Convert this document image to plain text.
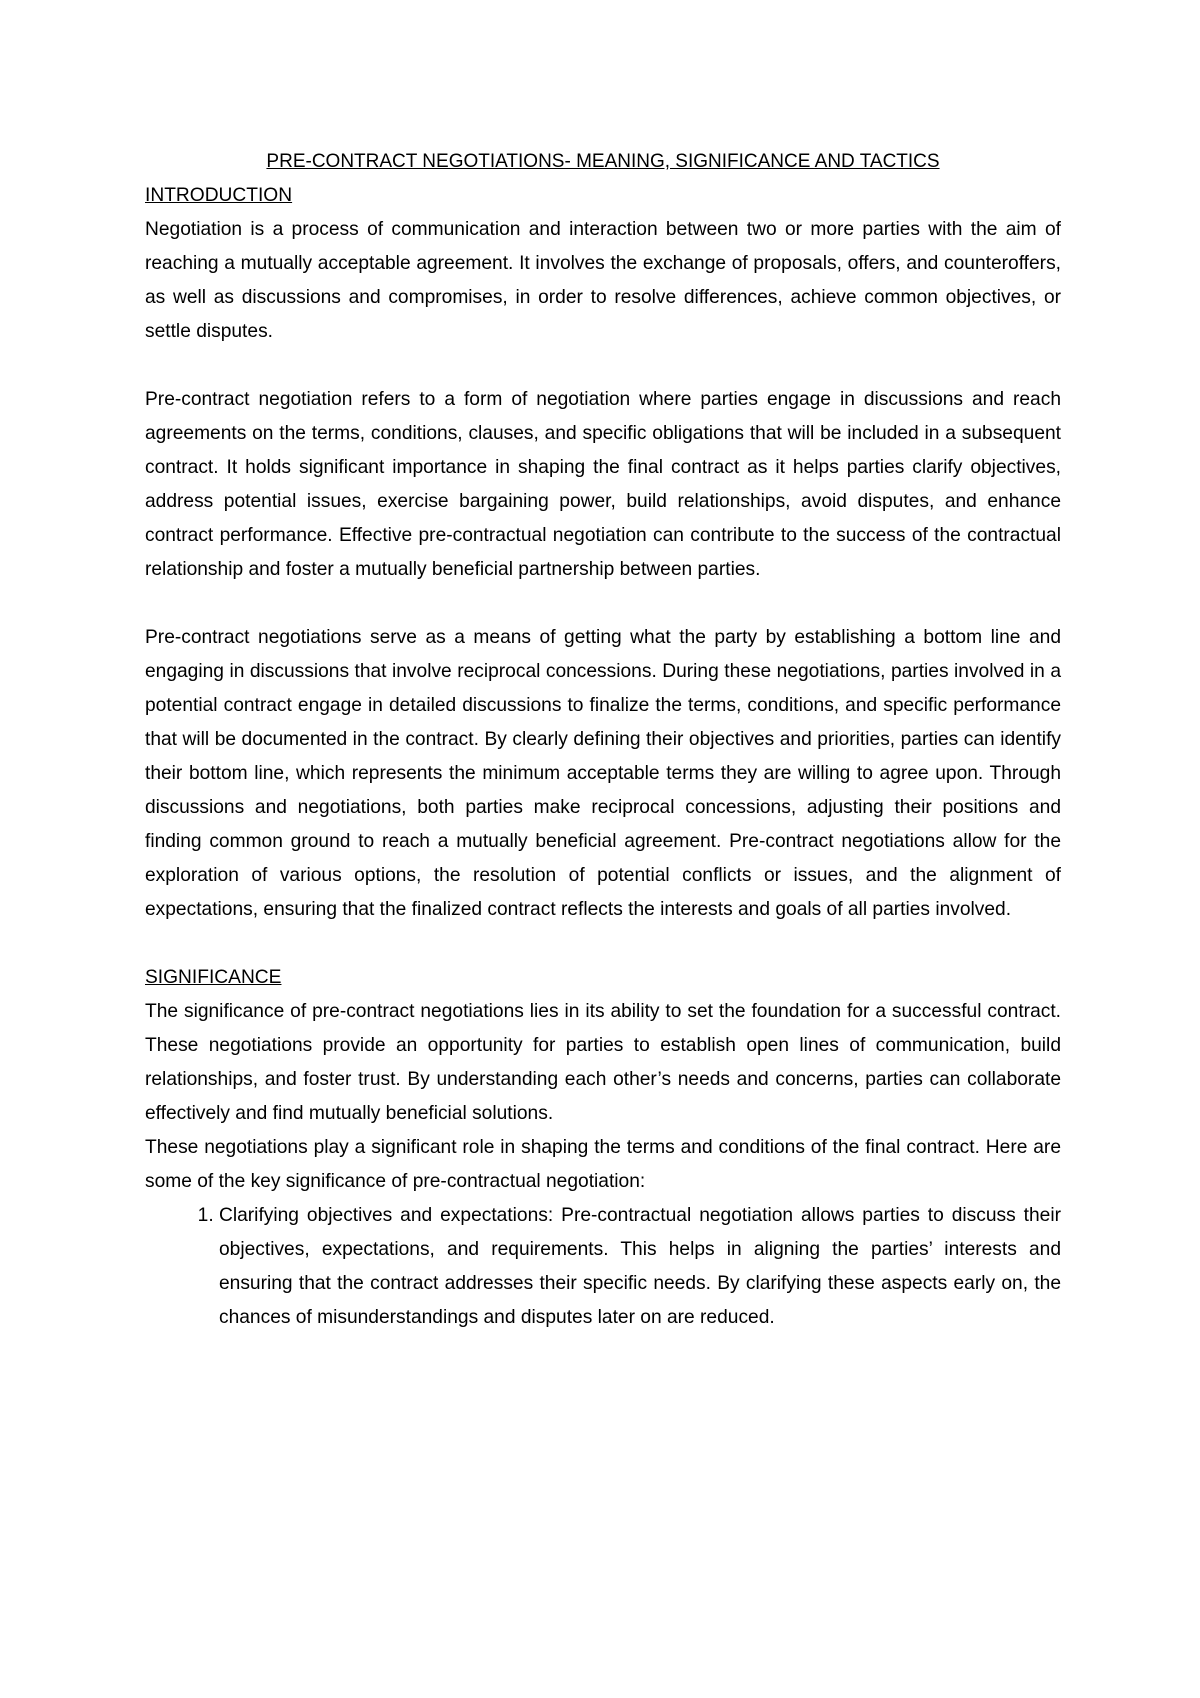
PRE-CONTRACT NEGOTIATIONS- MEANING, SIGNIFICANCE AND TACTICS
INTRODUCTION

Negotiation is a process of communication and interaction between two or more parties with the aim of reaching a mutually acceptable agreement. It involves the exchange of proposals, offers, and counteroffers, as well as discussions and compromises, in order to resolve differences, achieve common objectives, or settle disputes.

Pre-contract negotiation refers to a form of negotiation where parties engage in discussions and reach agreements on the terms, conditions, clauses, and specific obligations that will be included in a subsequent contract. It holds significant importance in shaping the final contract as it helps parties clarify objectives, address potential issues, exercise bargaining power, build relationships, avoid disputes, and enhance contract performance. Effective pre-contractual negotiation can contribute to the success of the contractual relationship and foster a mutually beneficial partnership between parties.

Pre-contract negotiations serve as a means of getting what the party by establishing a bottom line and engaging in discussions that involve reciprocal concessions. During these negotiations, parties involved in a potential contract engage in detailed discussions to finalize the terms, conditions, and specific performance that will be documented in the contract. By clearly defining their objectives and priorities, parties can identify their bottom line, which represents the minimum acceptable terms they are willing to agree upon. Through discussions and negotiations, both parties make reciprocal concessions, adjusting their positions and finding common ground to reach a mutually beneficial agreement. Pre-contract negotiations allow for the exploration of various options, the resolution of potential conflicts or issues, and the alignment of expectations, ensuring that the finalized contract reflects the interests and goals of all parties involved.

SIGNIFICANCE

The significance of pre-contract negotiations lies in its ability to set the foundation for a successful contract. These negotiations provide an opportunity for parties to establish open lines of communication, build relationships, and foster trust. By understanding each other’s needs and concerns, parties can collaborate effectively and find mutually beneficial solutions.

These negotiations play a significant role in shaping the terms and conditions of the final contract. Here are some of the key significance of pre-contractual negotiation:

1. Clarifying objectives and expectations: Pre-contractual negotiation allows parties to discuss their objectives, expectations, and requirements. This helps in aligning the parties’ interests and ensuring that the contract addresses their specific needs. By clarifying these aspects early on, the chances of misunderstandings and disputes later on are reduced.
